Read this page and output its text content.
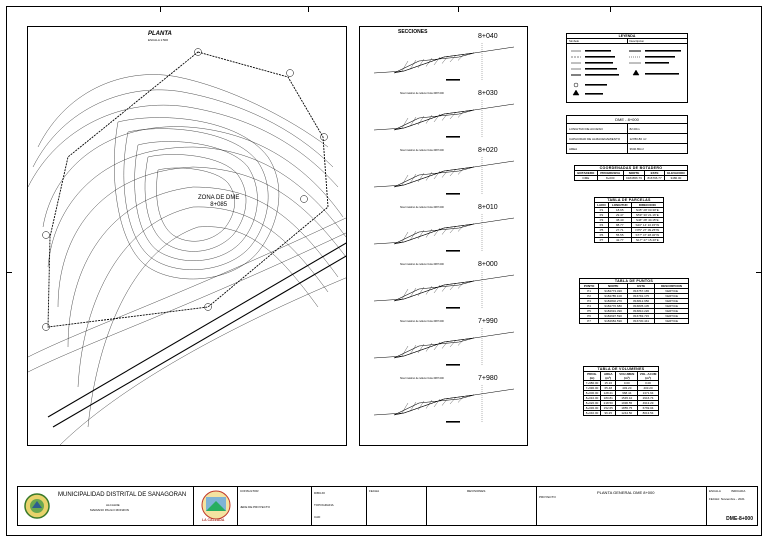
PLANTA
ESCALA 1:500
ZONA DE DME
8+085
SECCIONES
8+040
8+030
Nivel máximo de relleno Cota 3487.000
8+020
Nivel máximo de relleno Cota 3487.000
8+010
Nivel máximo de relleno Cota 3487.000
8+000
Nivel máximo de relleno Cota 3487.000
7+990
Nivel máximo de relleno Cota 3487.000
7+980
Nivel máximo de relleno Cota 3487.000
LEYENDA
Simbolo	Descripcion
DME - 8+000
LONGITUD DE ACCESO	82.00m
CAPACIDAD DE ALMACENAMIENTO	12780.80 m³
AREA	3640.80m²
COORDENADAS DE BOTADERO				
BOTADERO	PROGRESIVA	NORTE	ESTE	ELEVACION
DME	8+000	9184656.76	816796.77	3480.00
TABLA DE PARCELAS		
LADO	LONGITUD	DIRECCION
P1	18.65	N45° 28' 03.30"E
P2	29.47	N59° 30' 21.16"E
P3	38.40	S46° 28' 40.15"E
P4	88.77	S20° 14' 10.15"W
P5	27.71	N75° 27' 09.25"W
P6	55.55	S77° 47' 28.32"W
P7	42.77	N17° 47' 15.43"E
TABLA DE PUNTOS			
PUNTO	NORTE	ESTE	DESCRIPCION
P1	9184773.320	816757.165	VERTICE
P2	9184785.100	816791.175	VERTICE
P3	9184802.270	816812.950	VERTICE
P4	9184776.680	816835.105	VERTICE
P5	9184691.390	816810.220	VERTICE
P6	9184697.590	816783.715	VERTICE
P7	9184684.590	816730.441	VERTICE
TABLA DE VOLUMENES			
PROG. (m)	AREA (m²)	VOLUMEN (m³)	VOL. ACUM (m³)
7+980.00	15.16	0.00	0.00
7+990.00	65.48	403.20	403.20
8+000.00	128.21	968.44	1371.64
8+010.00	180.81	1545.10	2916.74
8+020.00	218.50	1996.55	4913.29
8+030.00	152.65	1855.75	6769.04
8+040.00	96.25	1244.50	8013.54
MUNICIPALIDAD DISTRITAL DE SANAGORAN
ALCALDE
MARIANO PAULO MONZON
LA CALZADA
CONSULTOR
JEFE DE PROYECTO
DIBUJO
TOPOGRAFIA
CAD
FECHA	REVISIONES
PROYECTO
PLANTA GENERAL DME 8+000	ESCALA	INDICADA
FECHA: Noviembre - 2021
DME-8+000
